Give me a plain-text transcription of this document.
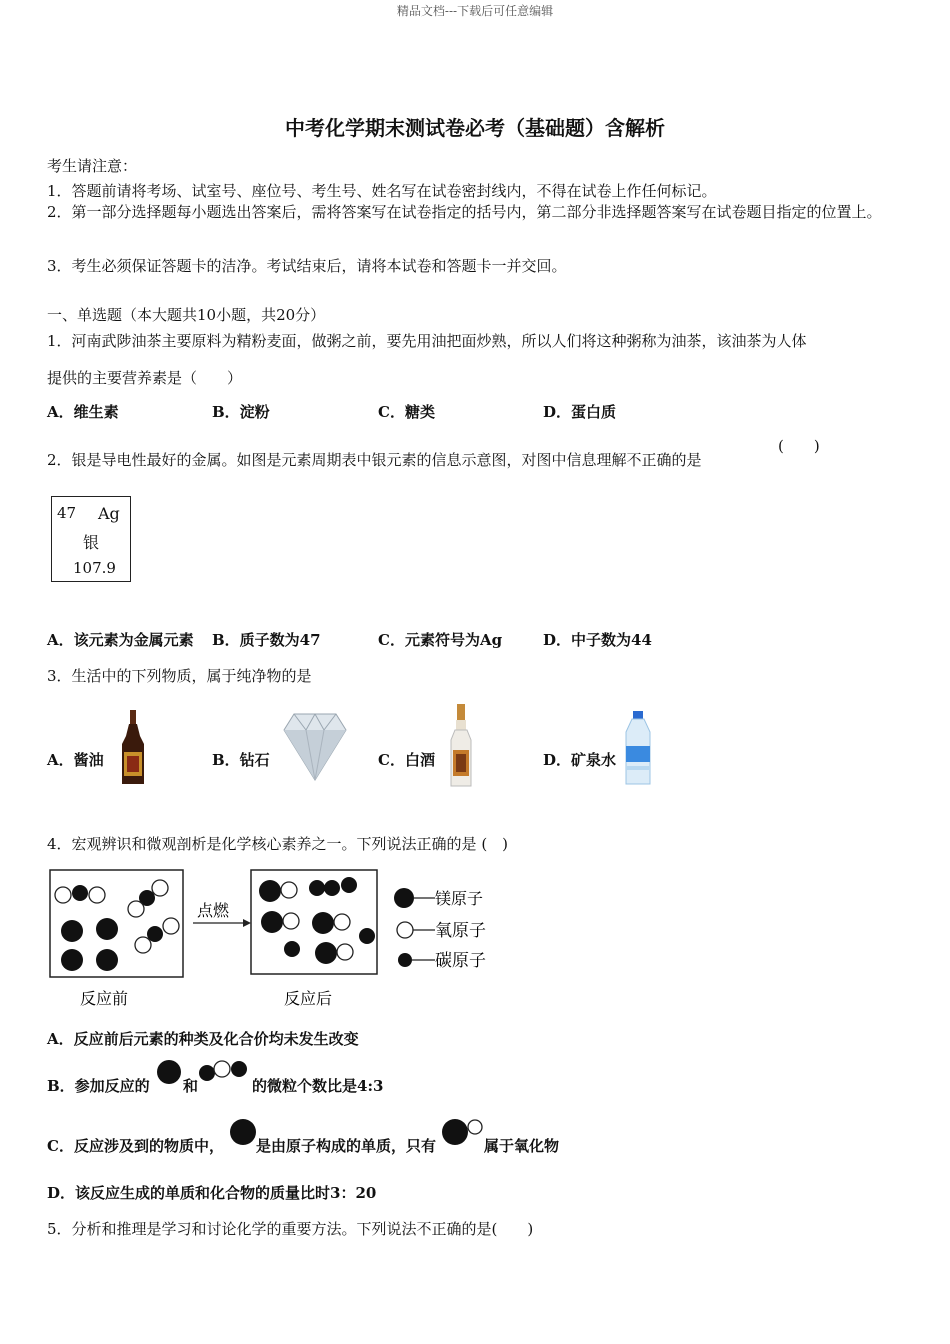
精品文档---下载后可任意编辑
中考化学期末测试卷必考（基础题）含解析
考生请注意：
1．答题前请将考场、试室号、座位号、考生号、姓名写在试卷密封线内，不得在试卷上作任何标记。
2．第一部分选择题每小题选出答案后，需将答案写在试卷指定的括号内，第二部分非选择题答案写在试卷题目指定的位置上。
3．考生必须保证答题卡的洁净。考试结束后，请将本试卷和答题卡一并交回。
一、单选题（本大题共10小题，共20分）
1．河南武陟油茶主要原料为精粉麦面，做粥之前，要先用油把面炒熟，所以人们将这种粥称为油茶，该油茶为人体
提供的主要营养素是（　　）
A．维生素	B．淀粉	C．糖类	D．蛋白质
2．银是导电性最好的金属。如图是元素周期表中银元素的信息示意图，对图中信息理解不正确的是
(　　)
47 Ag
银
107.9
A．该元素为金属元素 B．质子数为47	C．元素符号为Ag	D．中子数为44
3．生活中的下列物质，属于纯净物的是
A．酱油	B．钻石	C．白酒	D．矿泉水
4．宏观辨识和微观剖析是化学核心素养之一。下列说法正确的是 (　)
点燃
镁原子
氧原子
碳原子
反应前	反应后
A．反应前后元素的种类及化合价均未发生改变
B．参加反应的 和	的微粒个数比是4:3
C．反应涉及到的物质中， 是由原子构成的单质，只有	属于氧化物
D．该反应生成的单质和化合物的质量比时3：20
5．分析和推理是学习和讨论化学的重要方法。下列说法不正确的是(　　)
